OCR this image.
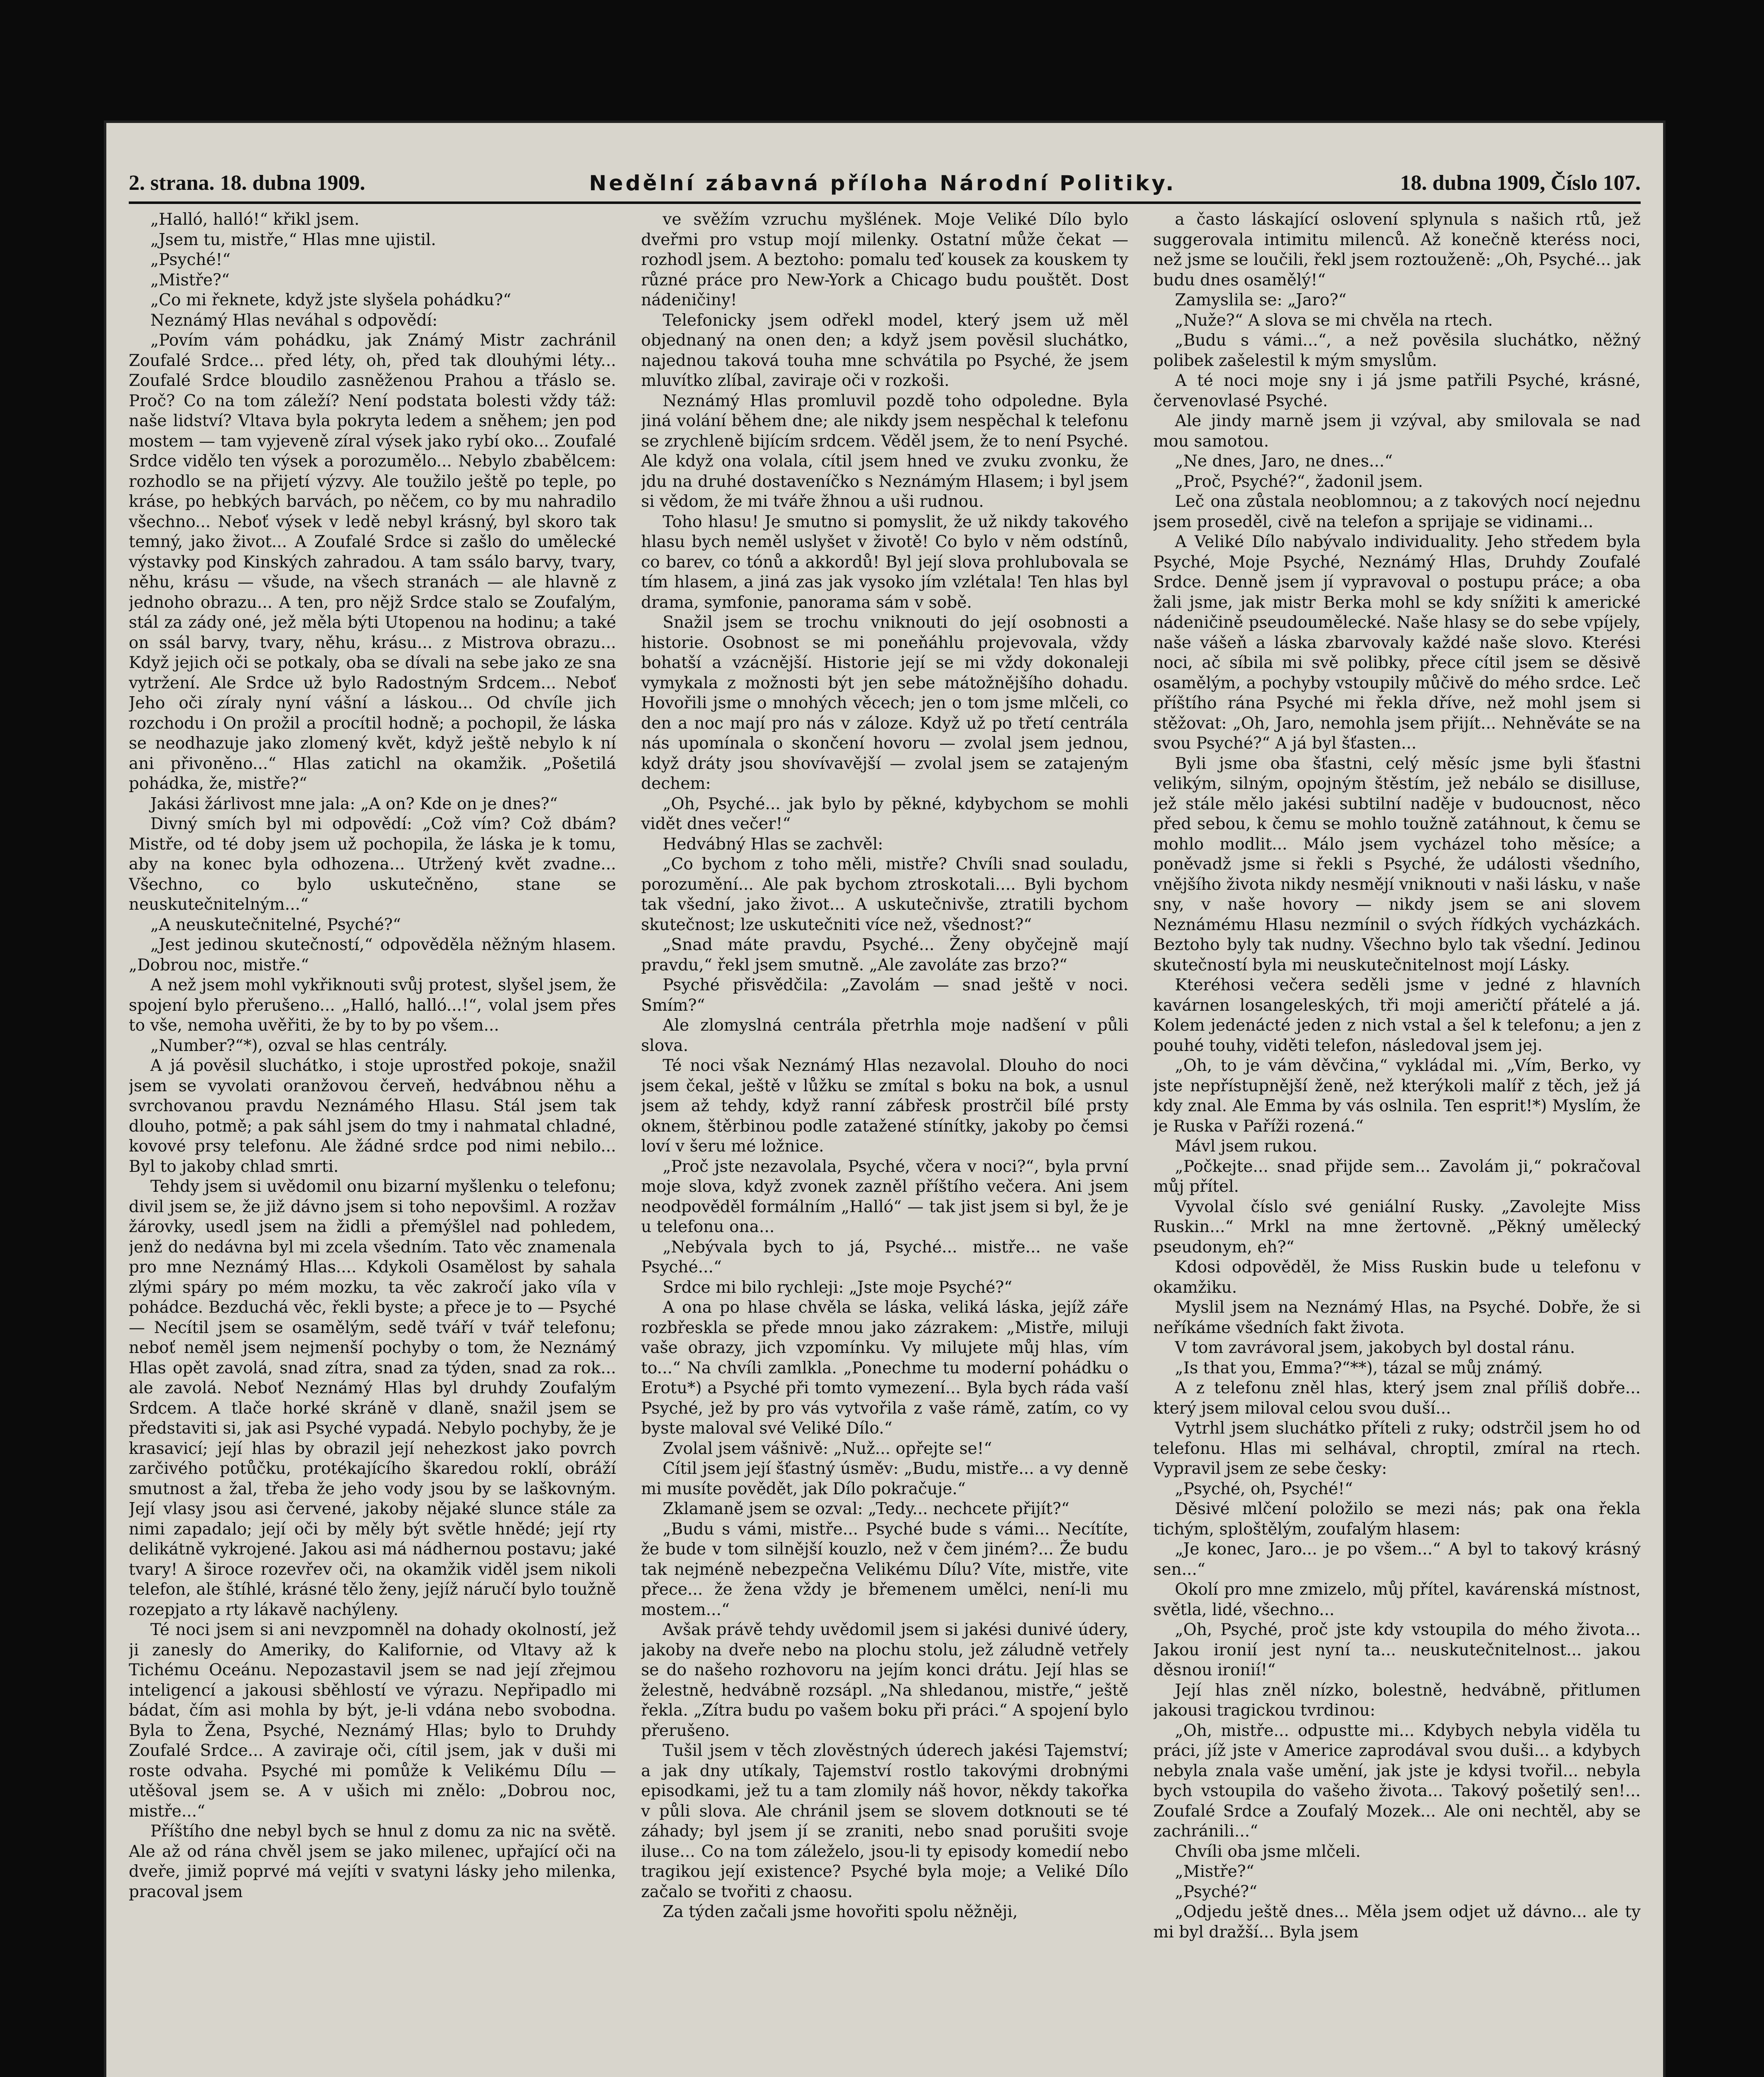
2. strana. 18. dubna 1909.	Nedělní zábavná příloha Národní Politiky.	18. dubna 1909, Číslo 107.

„Halló, halló!“ křikl jsem.

„Jsem tu, mistře,“ Hlas mne ujistil.

„Psyché!“

„Mistře?“

„Co mi řeknete, když jste slyšela pohádku?“

Neznámý Hlas neváhal s odpovědí:

„Povím vám pohádku, jak Známý Mistr zachránil Zoufalé Srdce... před léty, oh, před tak dlouhými léty... Zoufalé Srdce bloudilo zasněženou Prahou a třáslo se. Proč? Co na tom záleží? Není podstata bolesti vždy táž: naše lidství? Vltava byla pokryta ledem a sněhem; jen pod mostem — tam vyjeveně zíral výsek jako rybí oko... Zoufalé Srdce vidělo ten výsek a porozumělo... Nebylo zbabělcem: rozhodlo se na přijetí výzvy. Ale toužilo ještě po teple, po kráse, po hebkých barvách, po něčem, co by mu nahradilo všechno... Neboť výsek v ledě nebyl krásný, byl skoro tak temný, jako život... A Zoufalé Srdce si zašlo do umělecké výstavky pod Kinských zahradou. A tam ssálo barvy, tvary, něhu, krásu — všude, na všech stranách — ale hlavně z jednoho obrazu... A ten, pro nějž Srdce stalo se Zoufalým, stál za zády oné, jež měla býti Utopenou na hodinu; a také on ssál barvy, tvary, něhu, krásu... z Mistrova obrazu... Když jejich oči se potkaly, oba se dívali na sebe jako ze sna vytržení. Ale Srdce už bylo Radostným Srdcem... Neboť Jeho oči zíraly nyní vášní a láskou... Od chvíle jich rozchodu i On prožil a procítil hodně; a pochopil, že láska se neodhazuje jako zlomený květ, když ještě nebylo k ní ani přivoněno...“ Hlas zatichl na okamžik. „Pošetilá pohádka, že, mistře?“

Jakási žárlivost mne jala: „A on? Kde on je dnes?“

Divný smích byl mi odpovědí: „Což vím? Což dbám? Mistře, od té doby jsem už pochopila, že láska je k tomu, aby na konec byla odhozena... Utržený květ zvadne... Všechno, co bylo uskutečněno, stane se neuskutečnitelným...“

„A neuskutečnitelné, Psyché?“

„Jest jedinou skutečností,“ odpověděla něžným hlasem. „Dobrou noc, mistře.“

A než jsem mohl vykřiknouti svůj protest, slyšel jsem, že spojení bylo přerušeno... „Halló, halló...!“, volal jsem přes to vše, nemoha uvěřiti, že by to by po všem...

„Number?“*), ozval se hlas centrály.

A já pověsil sluchátko, i stoje uprostřed pokoje, snažil jsem se vyvolati oranžovou červeň, hedvábnou něhu a svrchovanou pravdu Neznámého Hlasu. Stál jsem tak dlouho, potmě; a pak sáhl jsem do tmy i nahmatal chladné, kovové prsy telefonu. Ale žádné srdce pod nimi nebilo... Byl to jakoby chlad smrti.

Tehdy jsem si uvědomil onu bizarní myšlenku o telefonu; divil jsem se, že již dávno jsem si toho nepovšiml. A rozžav žárovky, usedl jsem na židli a přemýšlel nad pohledem, jenž do nedávna byl mi zcela všedním. Tato věc znamenala pro mne Neznámý Hlas.... Kdykoli Osamělost by sahala zlými spáry po mém mozku, ta věc zakročí jako víla v pohádce. Bezduchá věc, řekli byste; a přece je to — Psyché — Necítil jsem se osamělým, sedě tváří v tvář telefonu; neboť neměl jsem nejmenší pochyby o tom, že Neznámý Hlas opět zavolá, snad zítra, snad za týden, snad za rok... ale zavolá. Neboť Neznámý Hlas byl druhdy Zoufalým Srdcem. A tlače horké skráně v dlaně, snažil jsem se představiti si, jak asi Psyché vypadá. Nebylo pochyby, že je krasavicí; její hlas by obrazil její nehezkost jako povrch zarčivého potůčku, protékajícího škaredou roklí, obráží smutnost a žal, třeba že jeho vody jsou by se laškovným. Její vlasy jsou asi červené, jakoby nějaké slunce stále za nimi zapadalo; její oči by měly být světle hnědé; její rty delikátně vykrojené. Jakou asi má nádhernou postavu; jaké tvary! A široce rozevřev oči, na okamžik viděl jsem nikoli telefon, ale štíhlé, krásné tělo ženy, jejíž náručí bylo toužně rozepjato a rty lákavě nachýleny.

Té noci jsem si ani nevzpomněl na dohady okolností, jež ji zanesly do Ameriky, do Kalifornie, od Vltavy až k Tichému Oceánu. Nepozastavil jsem se nad její zřejmou inteligencí a jakousi sběhlostí ve výrazu. Nepřipadlo mi bádat, čím asi mohla by být, je-li vdána nebo svobodna. Byla to Žena, Psyché, Neznámý Hlas; bylo to Druhdy Zoufalé Srdce... A zaviraje oči, cítil jsem, jak v duši mi roste odvaha. Psyché mi pomůže k Velikému Dílu — utěšoval jsem se. A v ušich mi znělo: „Dobrou noc, mistře...“

Příštího dne nebyl bych se hnul z domu za nic na světě. Ale až od rána chvěl jsem se jako milenec, upřající oči na dveře, jimiž poprvé má vejíti v svatyni lásky jeho milenka, pracoval jsem

ve svěžím vzruchu myšlének. Moje Veliké Dílo bylo dveřmi pro vstup mojí milenky. Ostatní může čekat — rozhodl jsem. A beztoho: pomalu teď kousek za kouskem ty různé práce pro New-York a Chicago budu pouštět. Dost nádeničiny!

Telefonicky jsem odřekl model, který jsem už měl objednaný na onen den; a když jsem pověsil sluchátko, najednou taková touha mne schvátila po Psyché, že jsem mluvítko zlíbal, zaviraje oči v rozkoši.

Neznámý Hlas promluvil pozdě toho odpoledne. Byla jiná volání během dne; ale nikdy jsem nespěchal k telefonu se zrychleně bijícím srdcem. Věděl jsem, že to není Psyché. Ale když ona volala, cítil jsem hned ve zvuku zvonku, že jdu na druhé dostaveníčko s Neznámým Hlasem; i byl jsem si vědom, že mi tváře žhnou a uši rudnou.

Toho hlasu! Je smutno si pomyslit, že už nikdy takového hlasu bych neměl uslyšet v životě! Co bylo v něm odstínů, co barev, co tónů a akkordů! Byl její slova prohlubovala se tím hlasem, a jiná zas jak vysoko jím vzlétala! Ten hlas byl drama, symfonie, panorama sám v sobě.

Snažil jsem se trochu vniknouti do její osobnosti a historie. Osobnost se mi poneňáhlu projevovala, vždy bohatší a vzácnější. Historie její se mi vždy dokonaleji vymykala z možnosti být jen sebe mátožnějšího dohadu. Hovořili jsme o mnohých věcech; jen o tom jsme mlčeli, co den a noc mají pro nás v záloze. Když už po třetí centrála nás upomínala o skončení hovoru — zvolal jsem jednou, když dráty jsou shovívavější — zvolal jsem se zatajeným dechem:

„Oh, Psyché... jak bylo by pěkné, kdybychom se mohli vidět dnes večer!“

Hedvábný Hlas se zachvěl:

„Co bychom z toho měli, mistře? Chvíli snad souladu, porozumění... Ale pak bychom ztroskotali.... Byli bychom tak všední, jako život... A uskutečnivše, ztratili bychom skutečnost; lze uskutečniti více než, všednost?“

„Snad máte pravdu, Psyché... Ženy obyčejně mají pravdu,“ řekl jsem smutně. „Ale zavoláte zas brzo?“

Psyché přisvědčila: „Zavolám — snad ještě v noci. Smím?“

Ale zlomyslná centrála přetrhla moje nadšení v půli slova.

Té noci však Neznámý Hlas nezavolal. Dlouho do noci jsem čekal, ještě v lůžku se zmítal s boku na bok, a usnul jsem až tehdy, když ranní zábřesk prostrčil bílé prsty oknem, štěrbinou podle zatažené stínítky, jakoby po čemsi loví v šeru mé ložnice.

„Proč jste nezavolala, Psyché, včera v noci?“, byla první moje slova, když zvonek zazněl příštího večera. Ani jsem neodpověděl formálním „Halló“ — tak jist jsem si byl, že je u telefonu ona...

„Nebývala bych to já, Psyché... mistře... ne vaše Psyché...“

Srdce mi bilo rychleji: „Jste moje Psyché?“

A ona po hlase chvěla se láska, veliká láska, jejíž záře rozbřeskla se přede mnou jako zázrakem: „Mistře, miluji vaše obrazy, jich vzpomínku. Vy milujete můj hlas, vím to...“ Na chvíli zamlkla. „Ponechme tu moderní pohádku o Erotu*) a Psyché při tomto vymezení... Byla bych ráda vaší Psyché, jež by pro vás vytvořila z vaše rámě, zatím, co vy byste maloval své Veliké Dílo.“

Zvolal jsem vášnivě: „Nuž... opřejte se!“

Cítil jsem její šťastný úsměv: „Budu, mistře... a vy denně mi musíte povědět, jak Dílo pokračuje.“

Zklamaně jsem se ozval: „Tedy... nechcete přijít?“

„Budu s vámi, mistře... Psyché bude s vámi... Necítíte, že bude v tom silnější kouzlo, než v čem jiném?... Že budu tak nejméně nebezpečna Velikému Dílu? Víte, mistře, vite přece... že žena vždy je břemenem umělci, není-li mu mostem...“

Avšak právě tehdy uvědomil jsem si jakési dunivé údery, jakoby na dveře nebo na plochu stolu, jež záludně vetřely se do našeho rozhovoru na jejím konci drátu. Její hlas se želestně, hedvábně rozsápl. „Na shledanou, mistře,“ ještě řekla. „Zítra budu po vašem boku při práci.“ A spojení bylo přerušeno.

Tušil jsem v těch zlověstných úderech jakési Tajemství; a jak dny utíkaly, Tajemství rostlo takovými drobnými episodkami, jež tu a tam zlomily náš hovor, někdy takořka v půli slova. Ale chránil jsem se slovem dotknouti se té záhady; byl jsem jí se zraniti, nebo snad porušiti svoje iluse... Co na tom záleželo, jsou-li ty episody komedií nebo tragikou její existence? Psyché byla moje; a Veliké Dílo začalo se tvořiti z chaosu.

Za týden začali jsme hovořiti spolu něžněji,

a často láskající oslovení splynula s našich rtů, jež suggerovala intimitu milenců. Až konečně kteréss noci, než jsme se loučili, řekl jsem roztouženě: „Oh, Psyché... jak budu dnes osamělý!“

Zamyslila se: „Jaro?“

„Nuže?“ A slova se mi chvěla na rtech.

„Budu s vámi...“, a než pověsila sluchátko, něžný polibek zašelestil k mým smyslům.

A té noci moje sny i já jsme patřili Psyché, krásné, červenovlasé Psyché.

Ale jindy marně jsem ji vzýval, aby smilovala se nad mou samotou.

„Ne dnes, Jaro, ne dnes...“

„Proč, Psyché?“, žadonil jsem.

Leč ona zůstala neoblomnou; a z takových nocí nejednu jsem proseděl, civě na telefon a sprijaje se vidinami...

A Veliké Dílo nabývalo individuality. Jeho středem byla Psyché, Moje Psyché, Neznámý Hlas, Druhdy Zoufalé Srdce. Denně jsem jí vypravoval o postupu práce; a oba žali jsme, jak mistr Berka mohl se kdy snížiti k americké nádeničině pseudoumělecké. Naše hlasy se do sebe vpíjely, naše vášeň a láska zbarvovaly každé naše slovo. Kterési noci, ač síbila mi svě polibky, přece cítil jsem se děsivě osamělým, a pochyby vstoupily můčivě do mého srdce. Leč příštího rána Psyché mi řekla dříve, než mohl jsem si stěžovat: „Oh, Jaro, nemohla jsem přijít... Nehněváte se na svou Psyché?“ A já byl šťasten...

Byli jsme oba šťastni, celý měsíc jsme byli šťastni velikým, silným, opojným štěstím, jež nebálo se disilluse, jež stále mělo jakési subtilní naděje v budoucnost, něco před sebou, k čemu se mohlo toužně zatáhnout, k čemu se mohlo modlit... Málo jsem vycházel toho měsíce; a poněvadž jsme si řekli s Psyché, že události všedního, vnějšího života nikdy nesmějí vniknouti v naši lásku, v naše sny, v naše hovory — nikdy jsem se ani slovem Neznámému Hlasu nezmínil o svých řídkých vycházkách. Beztoho byly tak nudny. Všechno bylo tak všední. Jedinou skutečností byla mi neuskutečnitelnost mojí Lásky.

Kteréhosi večera seděli jsme v jedné z hlavních kavárnen losangeleských, tři moji američtí přátelé a já. Kolem jedenácté jeden z nich vstal a šel k telefonu; a jen z pouhé touhy, viděti telefon, následoval jsem jej.

„Oh, to je vám děvčina,“ vykládal mi. „Vím, Berko, vy jste nepřístupnější ženě, než kterýkoli malíř z těch, jež já kdy znal. Ale Emma by vás oslnila. Ten esprit!*) Myslím, že je Ruska v Paříži rozená.“

Mávl jsem rukou.

„Počkejte... snad přijde sem... Zavolám ji,“ pokračoval můj přítel.

Vyvolal číslo své geniální Rusky. „Zavolejte Miss Ruskin...“ Mrkl na mne žertovně. „Pěkný umělecký pseudonym, eh?“

Kdosi odpověděl, že Miss Ruskin bude u telefonu v okamžiku.

Myslil jsem na Neznámý Hlas, na Psyché. Dobře, že si neříkáme všedních fakt života.

V tom zavrávoral jsem, jakobych byl dostal ránu.

„Is that you, Emma?“**), tázal se můj známý.

A z telefonu zněl hlas, který jsem znal příliš dobře... který jsem miloval celou svou duší...

Vytrhl jsem sluchátko příteli z ruky; odstrčil jsem ho od telefonu. Hlas mi selhával, chroptil, zmíral na rtech. Vypravil jsem ze sebe česky:

„Psyché, oh, Psyché!“

Děsivé mlčení položilo se mezi nás; pak ona řekla tichým, sploštělým, zoufalým hlasem:

„Je konec, Jaro... je po všem...“ A byl to takový krásný sen...“

Okolí pro mne zmizelo, můj přítel, kavárenská místnost, světla, lidé, všechno...

„Oh, Psyché, proč jste kdy vstoupila do mého života... Jakou ironií jest nyní ta... neuskutečnitelnost... jakou děsnou ironií!“

Její hlas zněl nízko, bolestně, hedvábně, přitlumen jakousi tragickou tvrdinou:

„Oh, mistře... odpustte mi... Kdybych nebyla viděla tu práci, jíž jste v Americe zaprodával svou duši... a kdybych nebyla znala vaše umění, jak jste je kdysi tvořil... nebyla bych vstoupila do vašeho života... Takový pošetilý sen!... Zoufalé Srdce a Zoufalý Mozek... Ale oni nechtěl, aby se zachránili...“

Chvíli oba jsme mlčeli.

„Mistře?“

„Psyché?“

„Odjedu ještě dnes... Měla jsem odjet už dávno... ale ty mi byl dražší... Byla jsem
